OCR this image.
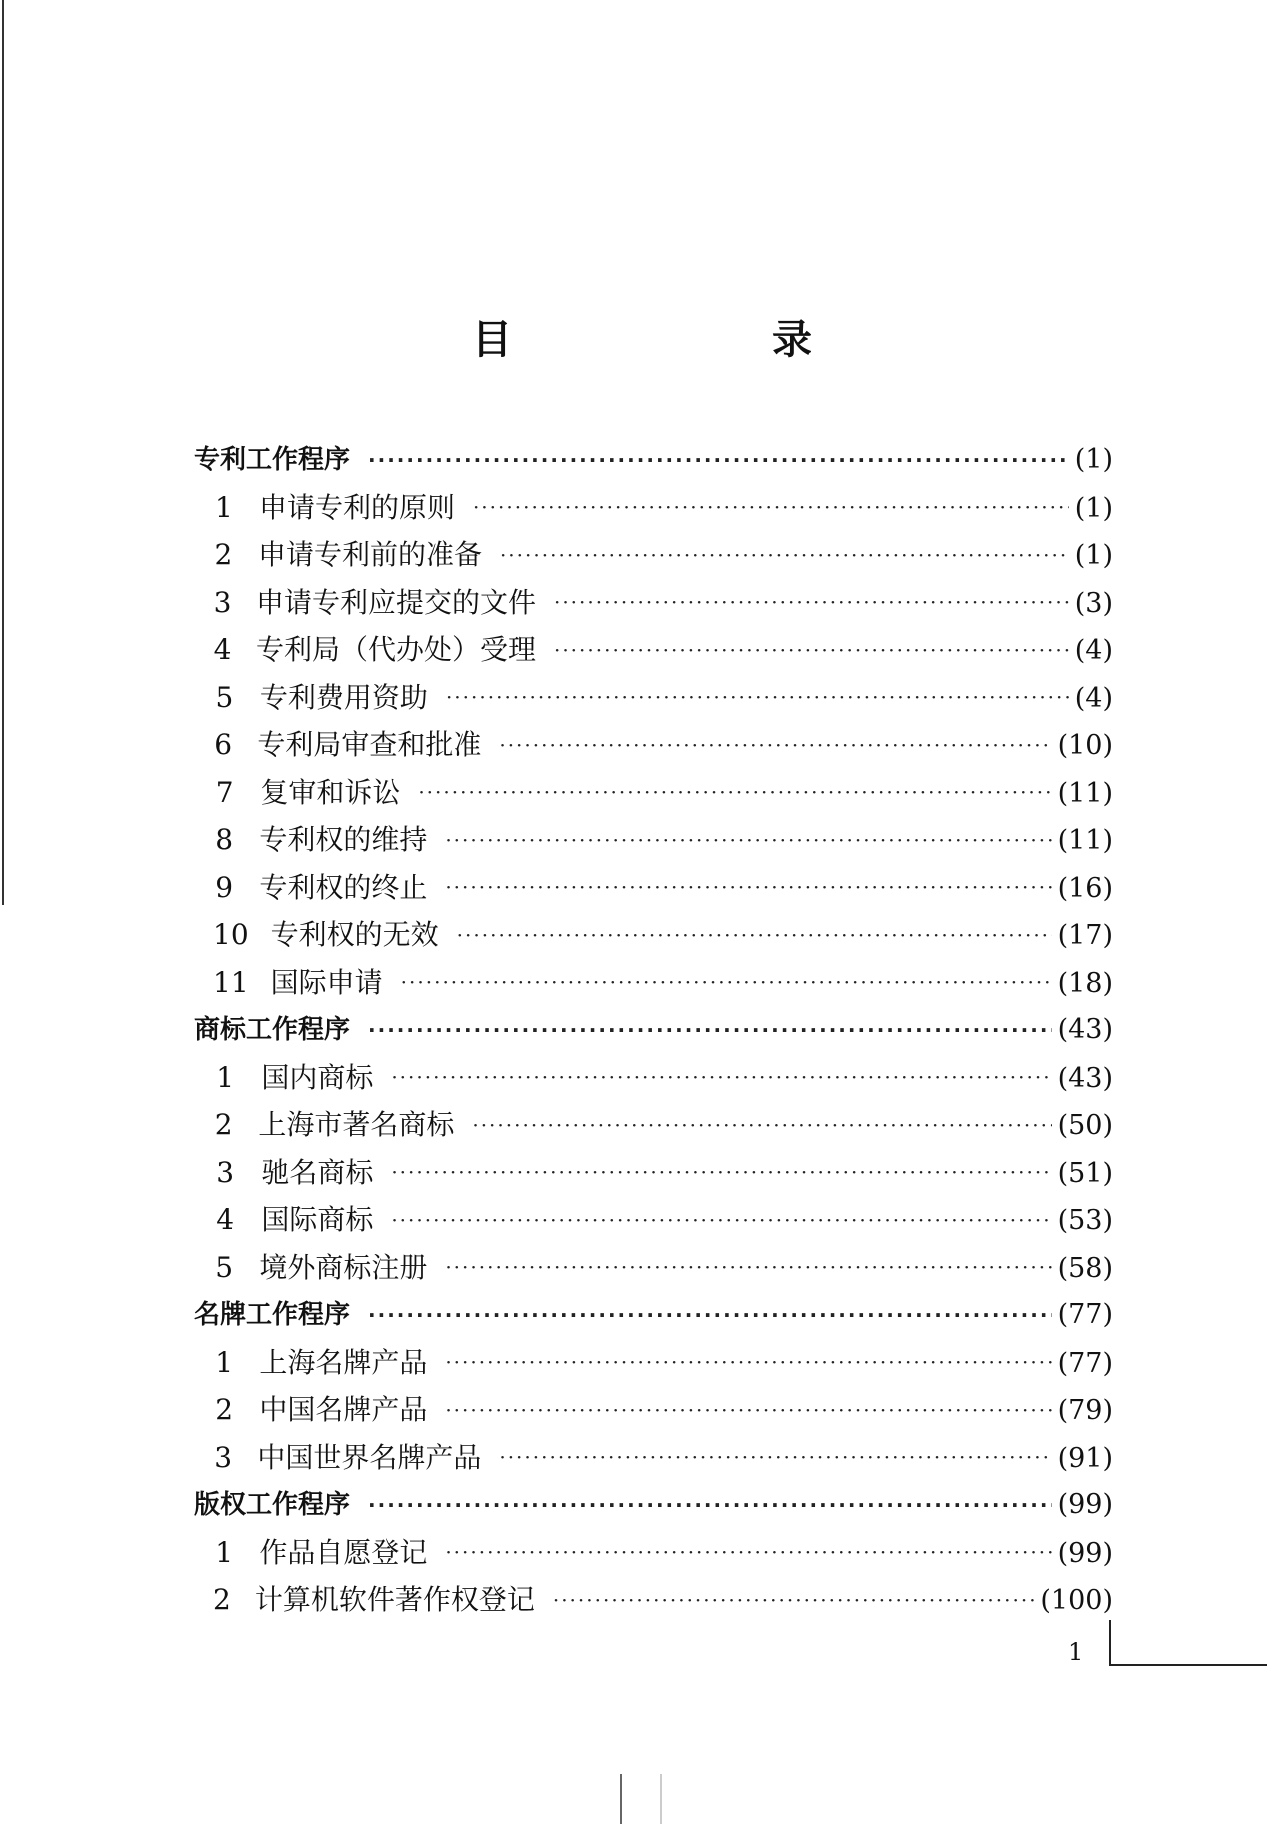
目　录
专利工作程序 ·····	(1)
1 申请专利的原则 ·····	(1)
2 申请专利前的准备 ·····	(1)
3 申请专利应提交的文件 ·····	(3)
4 专利局（代办处）受理 ·····	(4)
5 专利费用资助 ·····	(4)
6 专利局审查和批准 ·····	(10)
7 复审和诉讼 ·····	(11)
8 专利权的维持 ·····	(11)
9 专利权的终止 ·····	(16)
10 专利权的无效 ·····	(17)
11 国际申请 ·····	(18)
商标工作程序 ·····	(43)
1 国内商标 ·····	(43)
2 上海市著名商标 ·····	(50)
3 驰名商标 ·····	(51)
4 国际商标 ·····	(53)
5 境外商标注册 ·····	(58)
名牌工作程序 ·····	(77)
1 上海名牌产品 ·····	(77)
2 中国名牌产品 ·····	(79)
3 中国世界名牌产品 ·····	(91)
版权工作程序 ·····	(99)
1 作品自愿登记 ·····	(99)
2 计算机软件著作权登记 ·····	(100)
1
